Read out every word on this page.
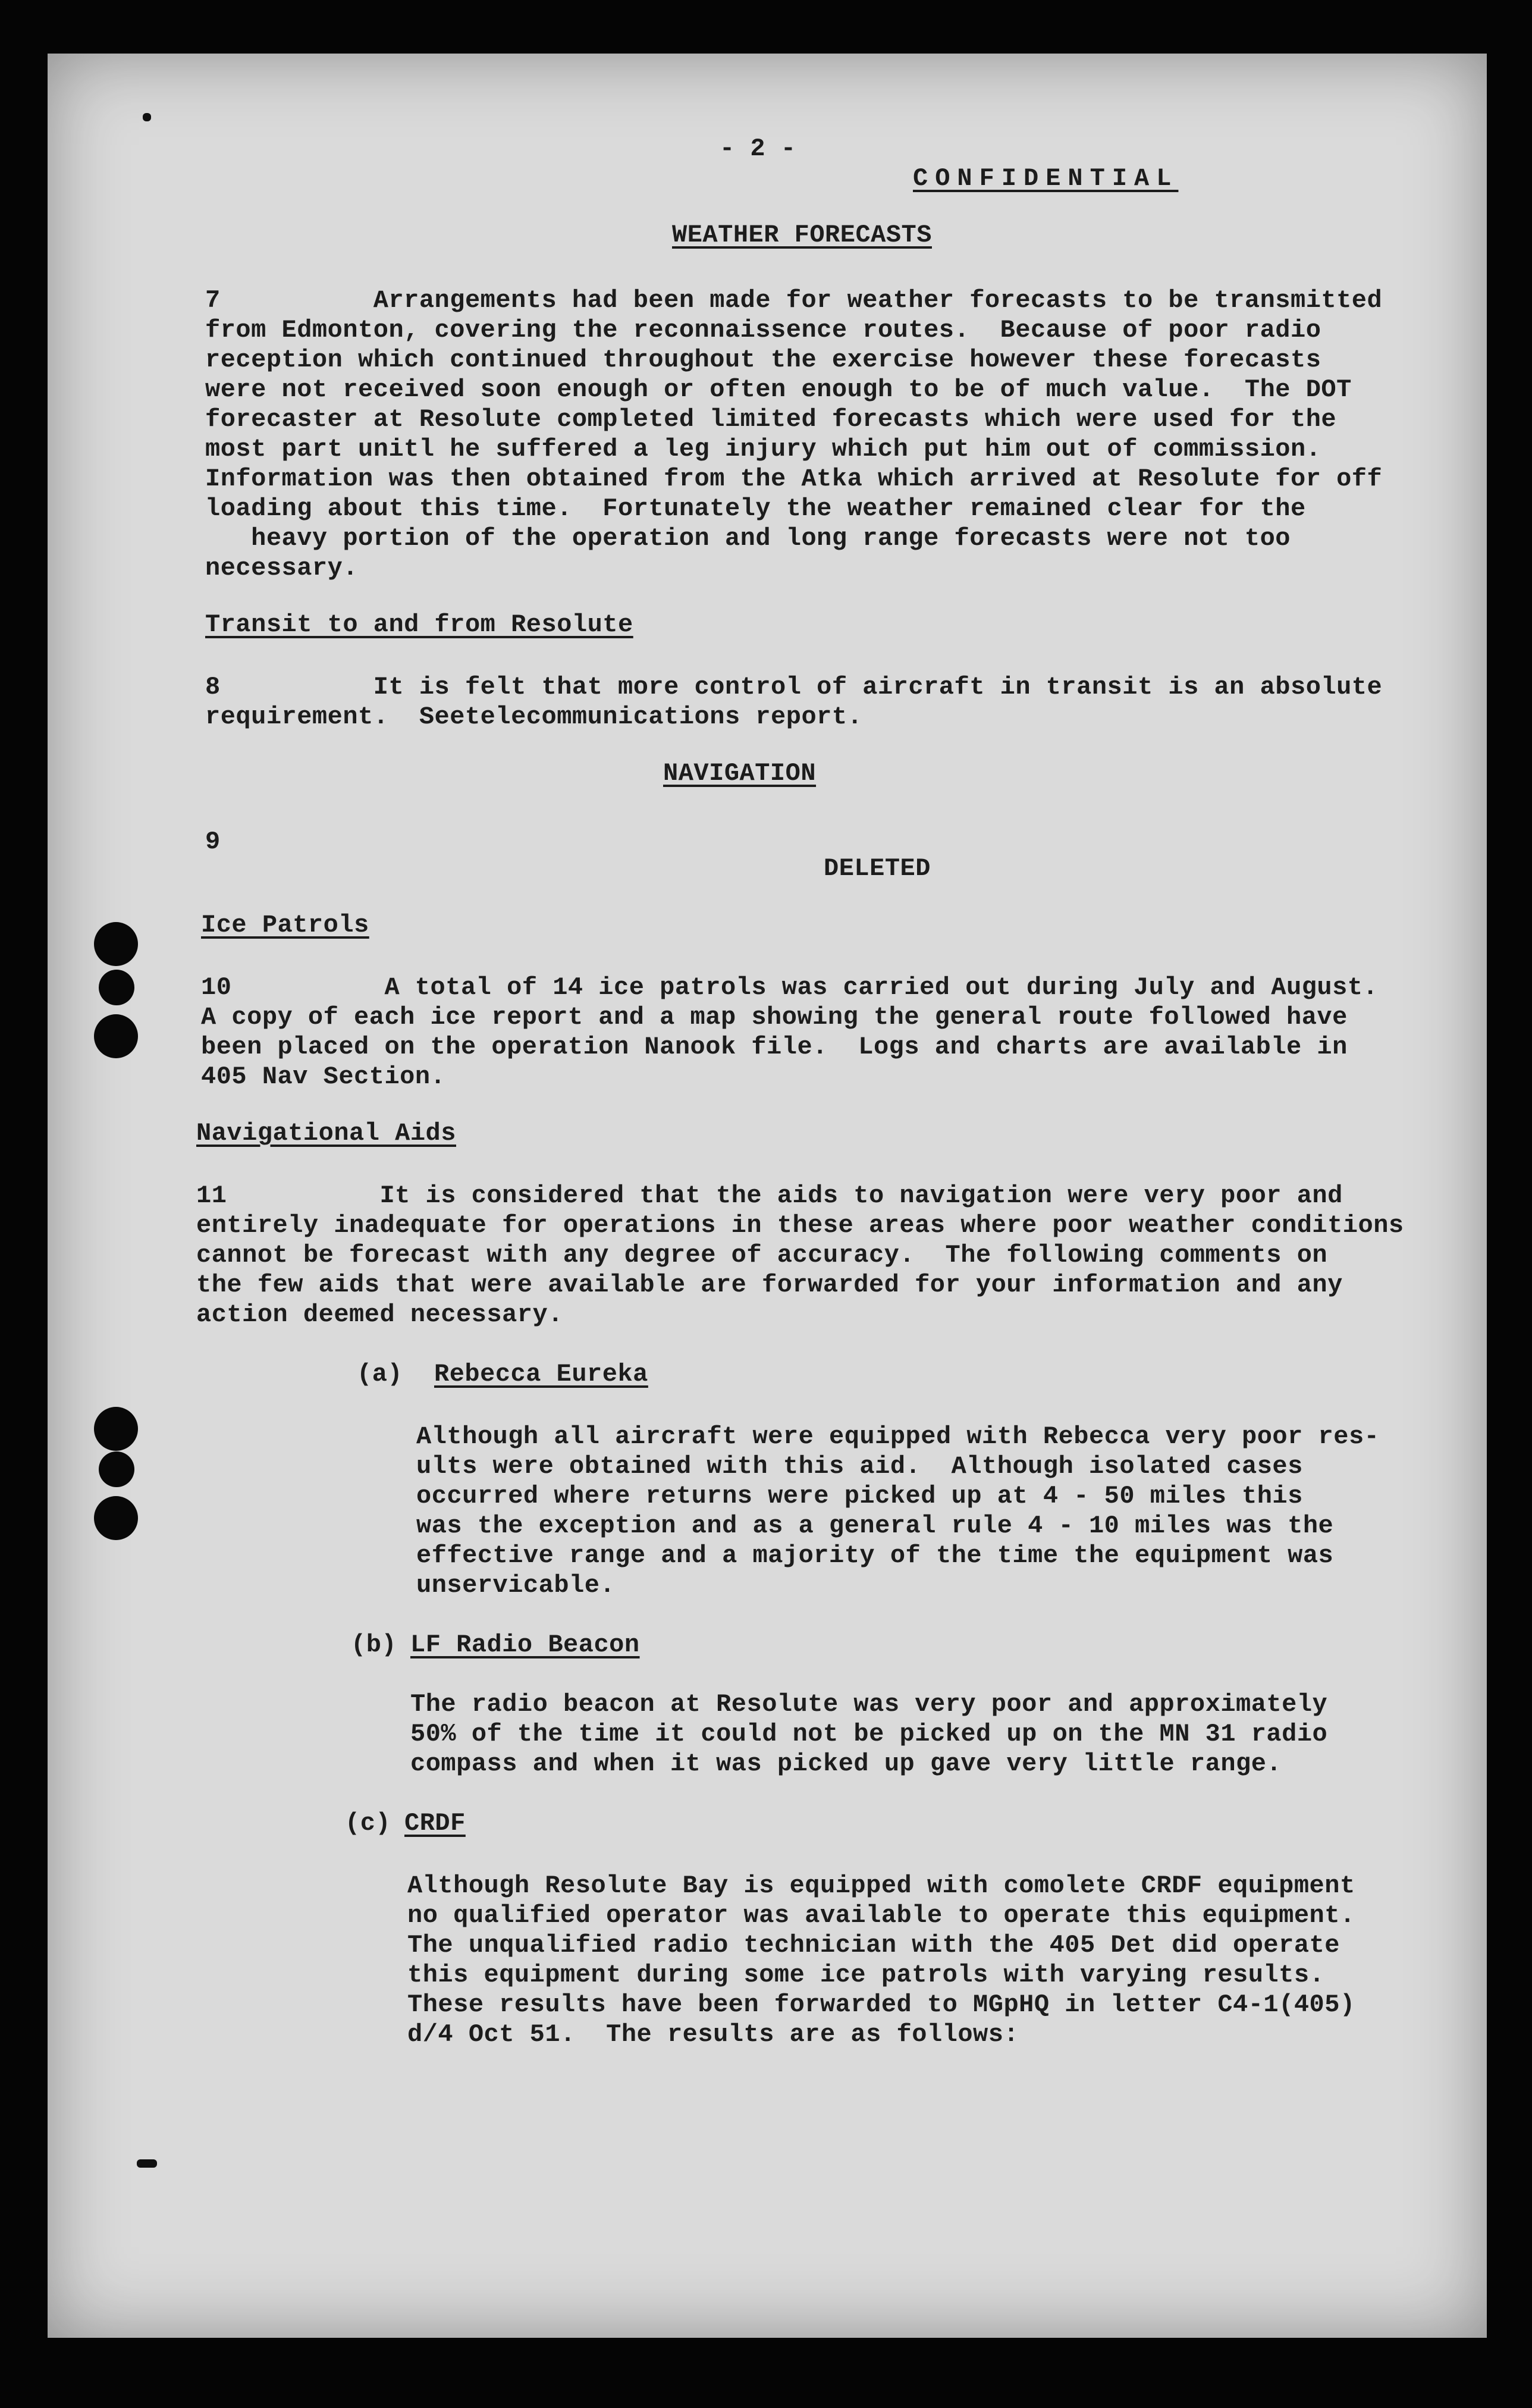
- 2 -
CONFIDENTIAL
WEATHER FORECASTS
7          Arrangements had been made for weather forecasts to be transmitted
from Edmonton, covering the reconnaissence routes.  Because of poor radio
reception which continued throughout the exercise however these forecasts
were not received soon enough or often enough to be of much value.  The DOT
forecaster at Resolute completed limited forecasts which were used for the
most part unitl he suffered a leg injury which put him out of commission.
Information was then obtained from the Atka which arrived at Resolute for off
loading about this time.  Fortunately the weather remained clear for the
heavy portion of the operation and long range forecasts were not too
necessary.
Transit to and from Resolute
8          It is felt that more control of aircraft in transit is an absolute
requirement.  Seetelecommunications report.
NAVIGATION
9
DELETED
Ice Patrols
10          A total of 14 ice patrols was carried out during July and August.
A copy of each ice report and a map showing the general route followed have
been placed on the operation Nanook file.  Logs and charts are available in
405 Nav Section.
Navigational Aids
11          It is considered that the aids to navigation were very poor and
entirely inadequate for operations in these areas where poor weather conditions
cannot be forecast with any degree of accuracy.  The following comments on
the few aids that were available are forwarded for your information and any
action deemed necessary.
(a) Rebecca Eureka
Although all aircraft were equipped with Rebecca very poor res-
ults were obtained with this aid.  Although isolated cases
occurred where returns were picked up at 4 - 50 miles this
was the exception and as a general rule 4 - 10 miles was the
effective range and a majority of the time the equipment was
unservicable.
(b) LF Radio Beacon
The radio beacon at Resolute was very poor and approximately
50% of the time it could not be picked up on the MN 31 radio
compass and when it was picked up gave very little range.
(c) CRDF
Although Resolute Bay is equipped with comolete CRDF equipment
no qualified operator was available to operate this equipment.
The unqualified radio technician with the 405 Det did operate
this equipment during some ice patrols with varying results.
These results have been forwarded to MGpHQ in letter C4-1(405)
d/4 Oct 51.  The results are as follows:
